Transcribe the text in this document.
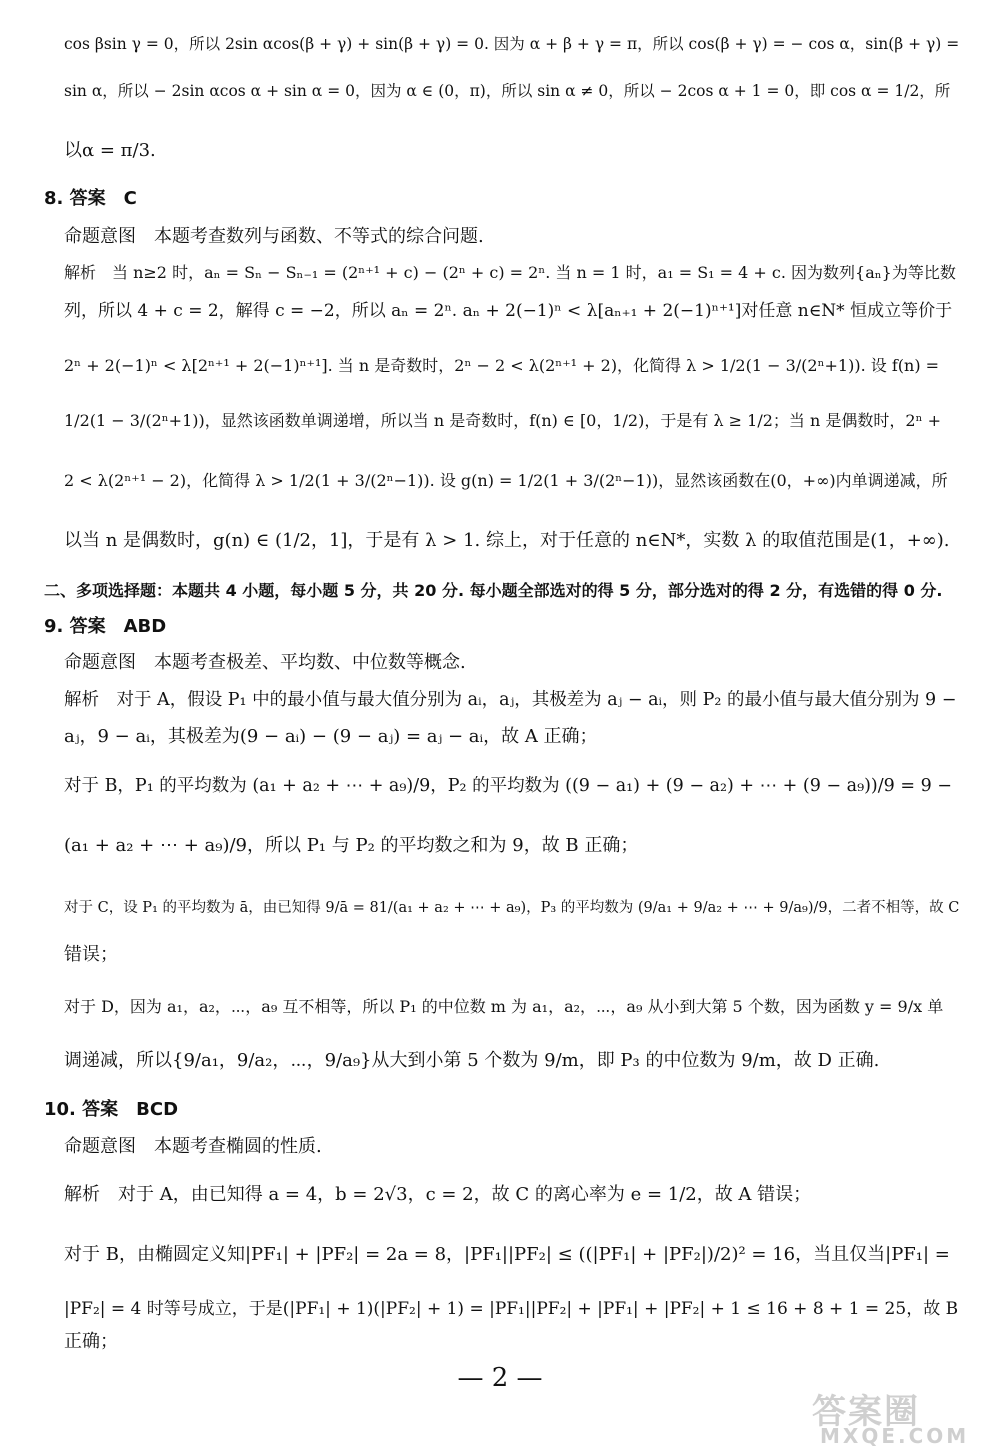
cos βsin γ = 0，所以 2sin αcos(β + γ) + sin(β + γ) = 0. 因为 α + β + γ = π，所以 cos(β + γ) = − cos α，sin(β + γ) =
sin α，所以 − 2sin αcos α + sin α = 0，因为 α ∈ (0，π)，所以 sin α ≠ 0，所以 − 2cos α + 1 = 0，即 cos α = 1/2，所
以α = π/3.
8. 答案　C
命题意图　本题考查数列与函数、不等式的综合问题.
解析　当 n≥2 时，aₙ = Sₙ − Sₙ₋₁ = (2ⁿ⁺¹ + c) − (2ⁿ + c) = 2ⁿ. 当 n = 1 时，a₁ = S₁ = 4 + c. 因为数列{aₙ}为等比数
列，所以 4 + c = 2，解得 c = −2，所以 aₙ = 2ⁿ. aₙ + 2(−1)ⁿ < λ[aₙ₊₁ + 2(−1)ⁿ⁺¹]对任意 n∈N* 恒成立等价于
2ⁿ + 2(−1)ⁿ < λ[2ⁿ⁺¹ + 2(−1)ⁿ⁺¹]. 当 n 是奇数时，2ⁿ − 2 < λ(2ⁿ⁺¹ + 2)，化简得 λ > 1/2(1 − 3/(2ⁿ+1)). 设 f(n) =
1/2(1 − 3/(2ⁿ+1))，显然该函数单调递增，所以当 n 是奇数时，f(n) ∈ [0，1/2)，于是有 λ ≥ 1/2；当 n 是偶数时，2ⁿ +
2 < λ(2ⁿ⁺¹ − 2)，化简得 λ > 1/2(1 + 3/(2ⁿ−1)). 设 g(n) = 1/2(1 + 3/(2ⁿ−1))，显然该函数在(0，+∞)内单调递减，所
以当 n 是偶数时，g(n) ∈ (1/2，1]，于是有 λ > 1. 综上，对于任意的 n∈N*，实数 λ 的取值范围是(1，+∞).
二、多项选择题：本题共 4 小题，每小题 5 分，共 20 分. 每小题全部选对的得 5 分，部分选对的得 2 分，有选错的得 0 分.
9. 答案　ABD
命题意图　本题考查极差、平均数、中位数等概念.
解析　对于 A，假设 P₁ 中的最小值与最大值分别为 aᵢ，aⱼ，其极差为 aⱼ − aᵢ，则 P₂ 的最小值与最大值分别为 9 −
aⱼ，9 − aᵢ，其极差为(9 − aᵢ) − (9 − aⱼ) = aⱼ − aᵢ，故 A 正确；
对于 B，P₁ 的平均数为 (a₁ + a₂ + ⋯ + a₉)/9，P₂ 的平均数为 ((9 − a₁) + (9 − a₂) + ⋯ + (9 − a₉))/9 = 9 −
(a₁ + a₂ + ⋯ + a₉)/9，所以 P₁ 与 P₂ 的平均数之和为 9，故 B 正确；
对于 C，设 P₁ 的平均数为 ā，由已知得 9/ā = 81/(a₁ + a₂ + ⋯ + a₉)，P₃ 的平均数为 (9/a₁ + 9/a₂ + ⋯ + 9/a₉)/9，二者不相等，故 C
错误；
对于 D，因为 a₁，a₂，⋯，a₉ 互不相等，所以 P₁ 的中位数 m 为 a₁，a₂，⋯，a₉ 从小到大第 5 个数，因为函数 y = 9/x 单
调递减，所以{9/a₁，9/a₂，⋯，9/a₉}从大到小第 5 个数为 9/m，即 P₃ 的中位数为 9/m，故 D 正确.
10. 答案　BCD
命题意图　本题考查椭圆的性质.
解析　对于 A，由已知得 a = 4，b = 2√3，c = 2，故 C 的离心率为 e = 1/2，故 A 错误；
对于 B，由椭圆定义知|PF₁| + |PF₂| = 2a = 8，|PF₁||PF₂| ≤ ((|PF₁| + |PF₂|)/2)² = 16，当且仅当|PF₁| =
|PF₂| = 4 时等号成立，于是(|PF₁| + 1)(|PF₂| + 1) = |PF₁||PF₂| + |PF₁| + |PF₂| + 1 ≤ 16 + 8 + 1 = 25，故 B
正确；
— 2 —
答案圈
MXQE.COM
